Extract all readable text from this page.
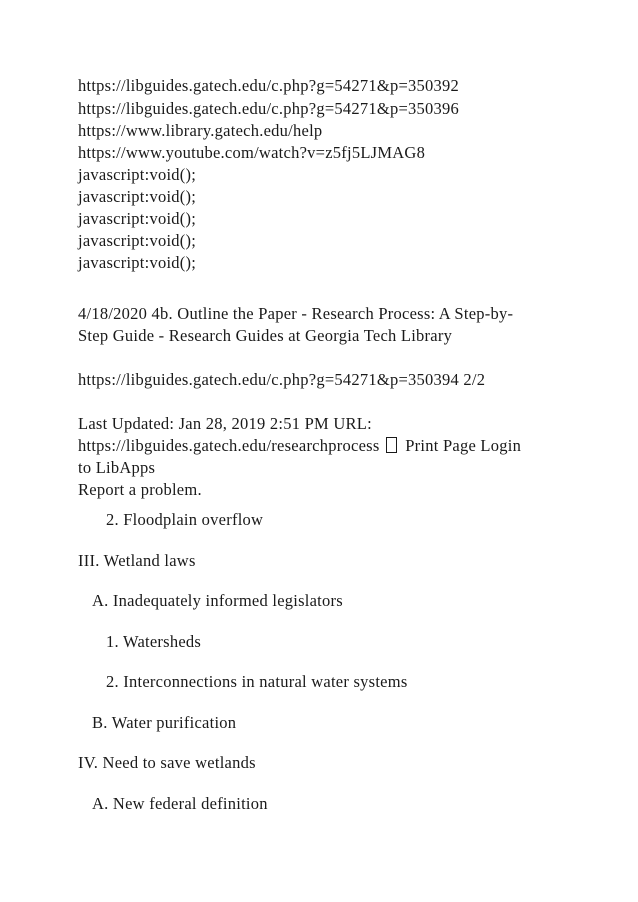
https://libguides.gatech.edu/c.php?g=54271&p=350392
https://libguides.gatech.edu/c.php?g=54271&p=350396
https://www.library.gatech.edu/help
https://www.youtube.com/watch?v=z5fj5LJMAG8
javascript:void();
javascript:void();
javascript:void();
javascript:void();
javascript:void();
4/18/2020 4b. Outline the Paper - Research Process: A Step-by-
Step Guide - Research Guides at Georgia Tech Library
https://libguides.gatech.edu/c.php?g=54271&p=350394 2/2
Last Updated: Jan 28, 2019 2:51 PM URL:
https://libguides.gatech.edu/researchprocess Print Page Login
to LibApps
Report a problem.
2. Floodplain overflow
III. Wetland laws
A. Inadequately informed legislators
1. Watersheds
2. Interconnections in natural water systems
B. Water purification
IV. Need to save wetlands
A. New federal definition
